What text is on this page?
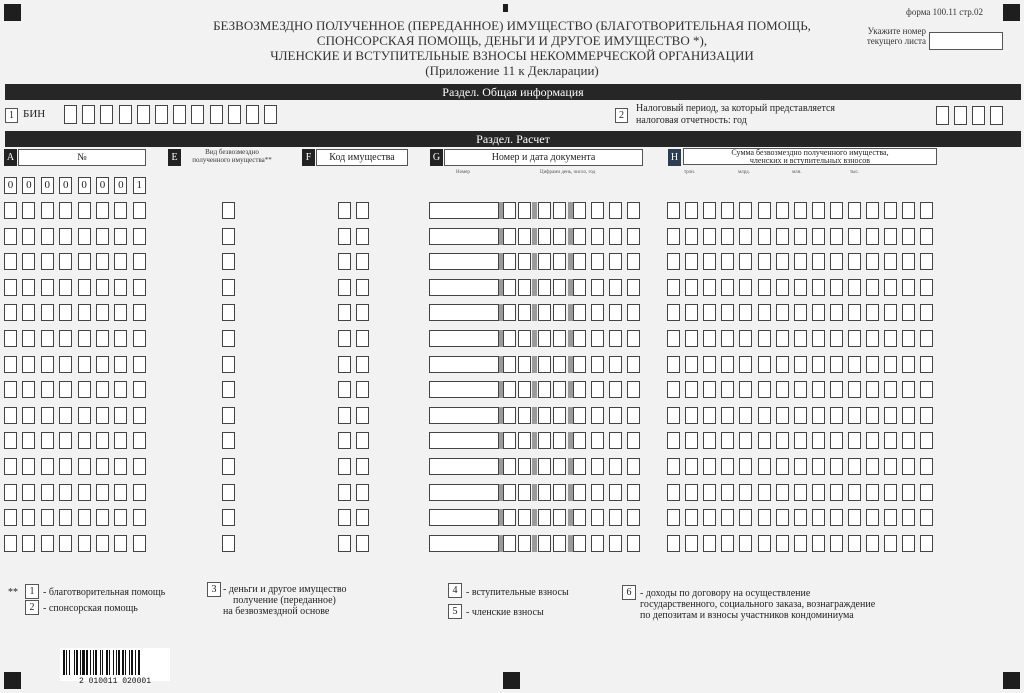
БЕЗВОЗМЕЗДНО ПОЛУЧЕННОЕ (ПЕРЕДАННОЕ) ИМУЩЕСТВО (БЛАГОТВОРИТЕЛЬНАЯ ПОМОЩЬ,
СПОНСОРСКАЯ ПОМОЩЬ, ДЕНЬГИ И ДРУГОЕ ИМУЩЕСТВО *),
ЧЛЕНСКИЕ И ВСТУПИТЕЛЬНЫЕ ВЗНОСЫ НЕКОММЕРЧЕСКОЙ ОРГАНИЗАЦИИ
(Приложение 11 к Декларации)
форма 100.11 стр.02
Укажите номер
текущего листа
Раздел. Общая информация
1 БИН	2
Налоговый период, за который представляется
налоговая отчетность: год
Раздел. Расчет
A	№	E	Вид безвозмездно
полученного имущества**	F	Код имущества	G	Номер и дата документа
Номер	Цифрами день, число, год
H	Сумма безвозмездно полученного имущества,
членских и вступительных взносов
трлн.	млрд.	млн.	тыс.
0	0	0	0	0	0	0	1
**	1 - благотворительная помощь
2 - спонсорская помощь
3 - деньги и другое имущество
получение (переданное)
на безвозмездной основе
4 - вступительные взносы
5 - членские взносы
6 - доходы по договору на осуществление
государственного, социального заказа, вознаграждение
по депозитам и взносы участников кондоминиума
2 010011 020001
